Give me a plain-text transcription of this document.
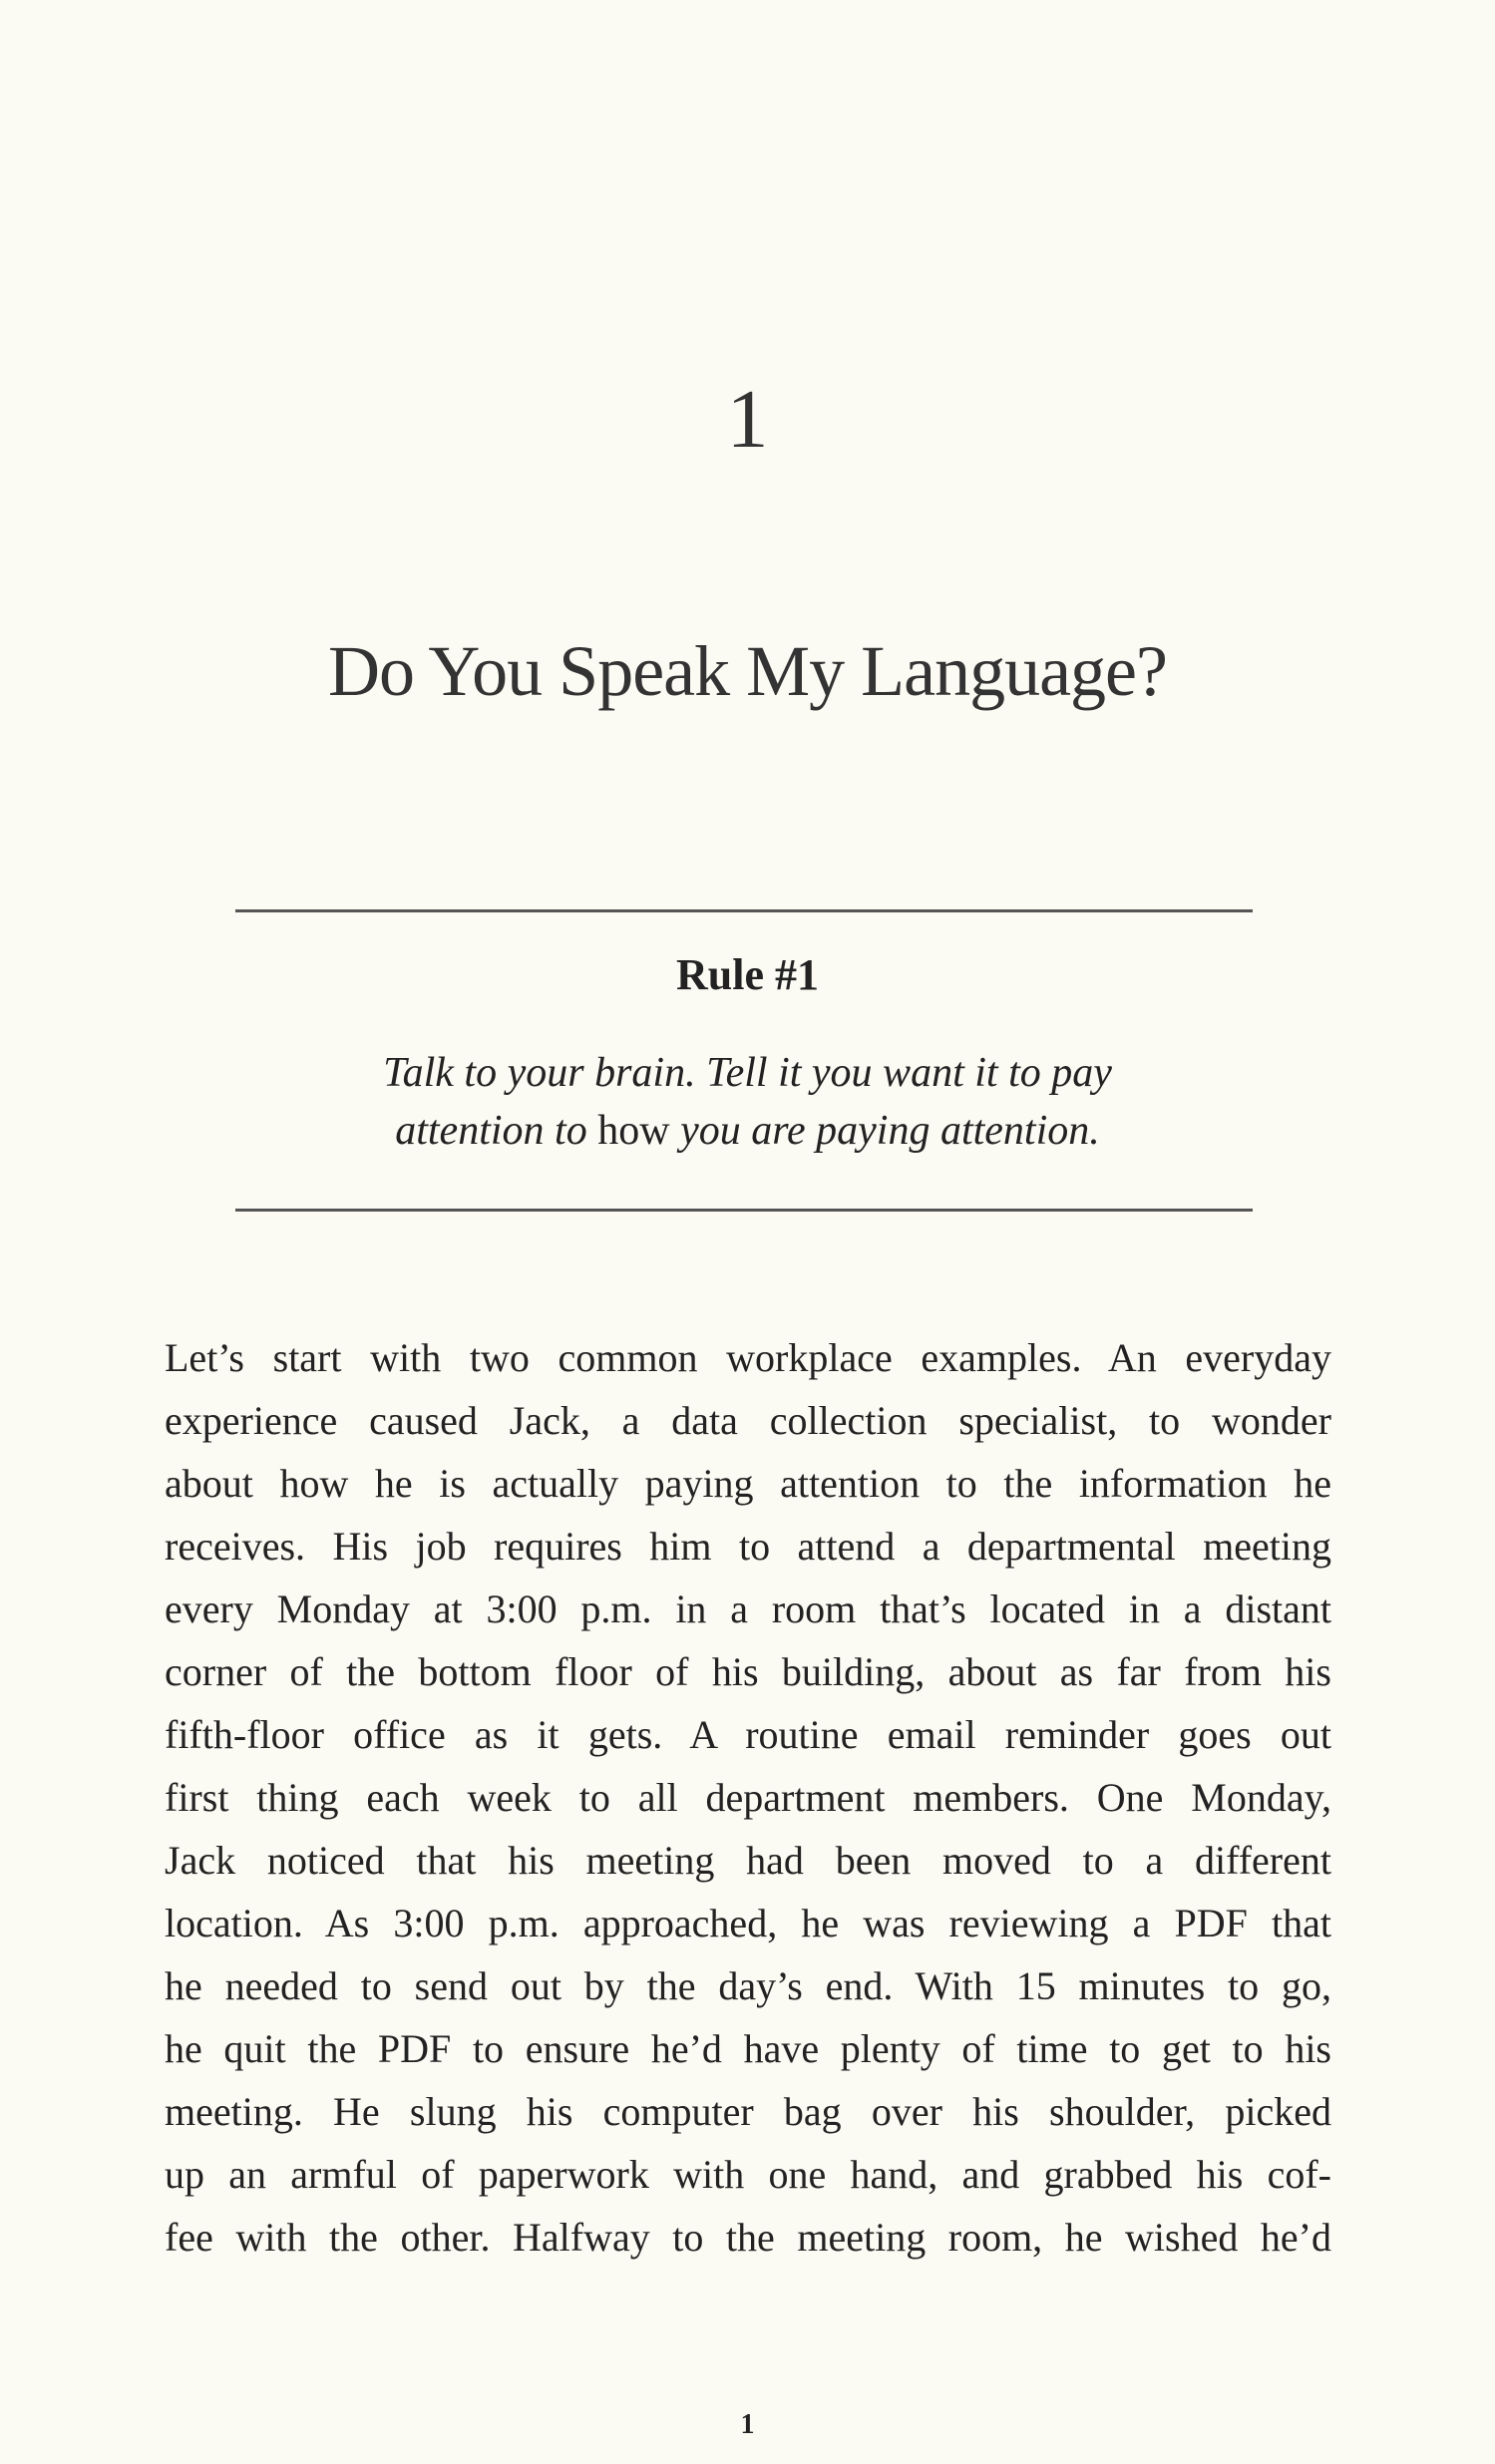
1
Do You Speak My Language?
Rule #1
Talk to your brain. Tell it you want it to pay
attention to how you are paying attention.
Let’s start with two common workplace examples. An everyday
experience caused Jack, a data collection specialist, to wonder
about how he is actually paying attention to the information he
receives. His job requires him to attend a departmental meeting
every Monday at 3:00 p.m. in a room that’s located in a distant
corner of the bottom floor of his building, about as far from his
fifth-floor office as it gets. A routine email reminder goes out
first thing each week to all department members. One Monday,
Jack noticed that his meeting had been moved to a different
location. As 3:00 p.m. approached, he was reviewing a PDF that
he needed to send out by the day’s end. With 15 minutes to go,
he quit the PDF to ensure he’d have plenty of time to get to his
meeting. He slung his computer bag over his shoulder, picked
up an armful of paperwork with one hand, and grabbed his cof-
fee with the other. Halfway to the meeting room, he wished he’d
1
